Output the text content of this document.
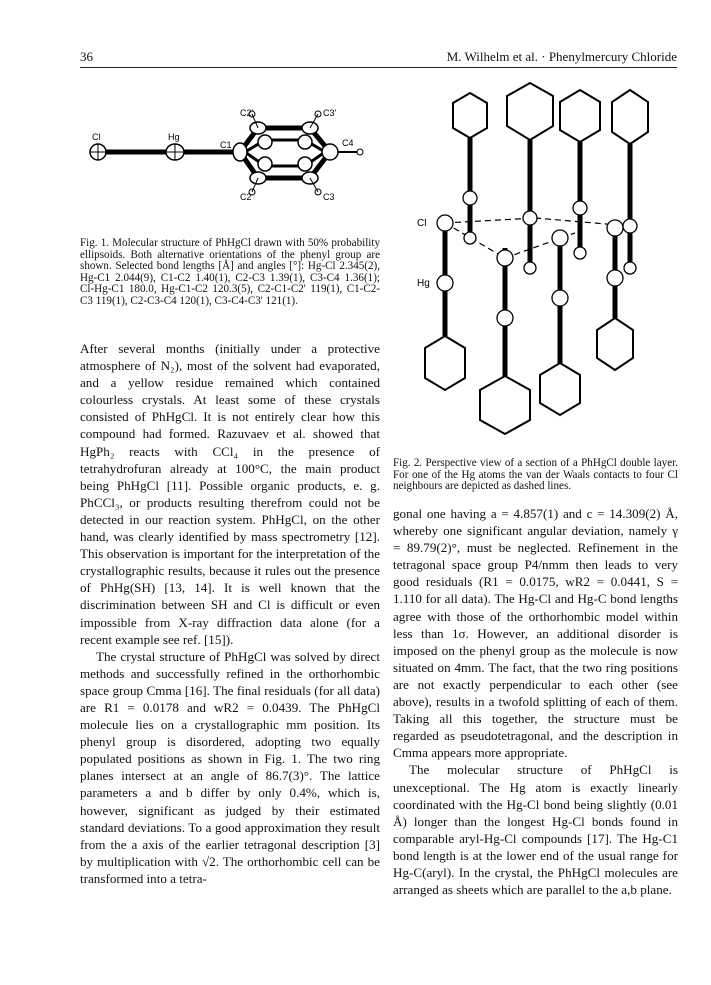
36	M. Wilhelm et al. · Phenylmercury Chloride
Cl	Hg
C1
C2'	C3'
C4
C2	C3
Fig. 1. Molecular structure of PhHgCl drawn with 50% probability ellipsoids. Both alternative orientations of the phenyl group are shown. Selected bond lengths [Å] and angles [°]: Hg-Cl 2.345(2), Hg-C1 2.044(9), C1-C2 1.40(1), C2-C3 1.39(1), C3-C4 1.36(1); Cl-Hg-C1 180.0, Hg-C1-C2 120.3(5), C2-C1-C2' 119(1), C1-C2-C3 119(1), C2-C3-C4 120(1), C3-C4-C3' 121(1).
Cl
Hg
Fig. 2. Perspective view of a section of a PhHgCl double layer. For one of the Hg atoms the van der Waals contacts to four Cl neighbours are depicted as dashed lines.

After several months (initially under a protective atmosphere of N₂), most of the solvent had evaporated, and a yellow residue remained which contained colourless crystals. At least some of these crystals consisted of PhHgCl. It is not entirely clear how this compound had formed. Razuvaev et al. showed that HgPh₂ reacts with CCl₄ in the presence of tetrahydrofuran already at 100°C, the main product being PhHgCl [11]. Possible organic products, e. g. PhCCl₃, or products resulting therefrom could not be detected in our reaction system. PhHgCl, on the other hand, was clearly identified by mass spectrometry [12]. This observation is important for the interpretation of the crystallographic results, because it rules out the presence of PhHg(SH) [13, 14]. It is well known that the discrimination between SH and Cl is difficult or even impossible from X-ray diffraction data alone (for a recent example see ref. [15]).

The crystal structure of PhHgCl was solved by direct methods and successfully refined in the orthorhombic space group Cmma [16]. The final residuals (for all data) are R1 = 0.0178 and wR2 = 0.0439. The PhHgCl molecule lies on a crystallographic mm position. Its phenyl group is disordered, adopting two equally populated positions as shown in Fig. 1. The two ring planes intersect at an angle of 86.7(3)°. The lattice parameters a and b differ by only 0.4%, which is, however, significant as judged by their estimated standard deviations. To a good approximation they result from the a axis of the earlier tetragonal description [3] by multiplication with √2. The orthorhombic cell can be transformed into a tetra-

gonal one having a = 4.857(1) and c = 14.309(2) Å, whereby one significant angular deviation, namely γ = 89.79(2)°, must be neglected. Refinement in the tetragonal space group P4/nmm then leads to very good residuals (R1 = 0.0175, wR2 = 0.0441, S = 1.110 for all data). The Hg-Cl and Hg-C bond lengths agree with those of the orthorhombic model within less than 1σ. However, an additional disorder is imposed on the phenyl group as the molecule is now situated on 4mm. The fact, that the two ring positions are not exactly perpendicular to each other (see above), results in a twofold splitting of each of them. Taking all this together, the structure must be regarded as pseudotetragonal, and the description in Cmma appears more appropriate.

The molecular structure of PhHgCl is unexceptional. The Hg atom is exactly linearly coordinated with the Hg-Cl bond being slightly (0.01 Å) longer than the longest Hg-Cl bonds found in comparable aryl-Hg-Cl compounds [17]. The Hg-C1 bond length is at the lower end of the usual range for Hg-C(aryl). In the crystal, the PhHgCl molecules are arranged as sheets which are parallel to the a,b plane.
